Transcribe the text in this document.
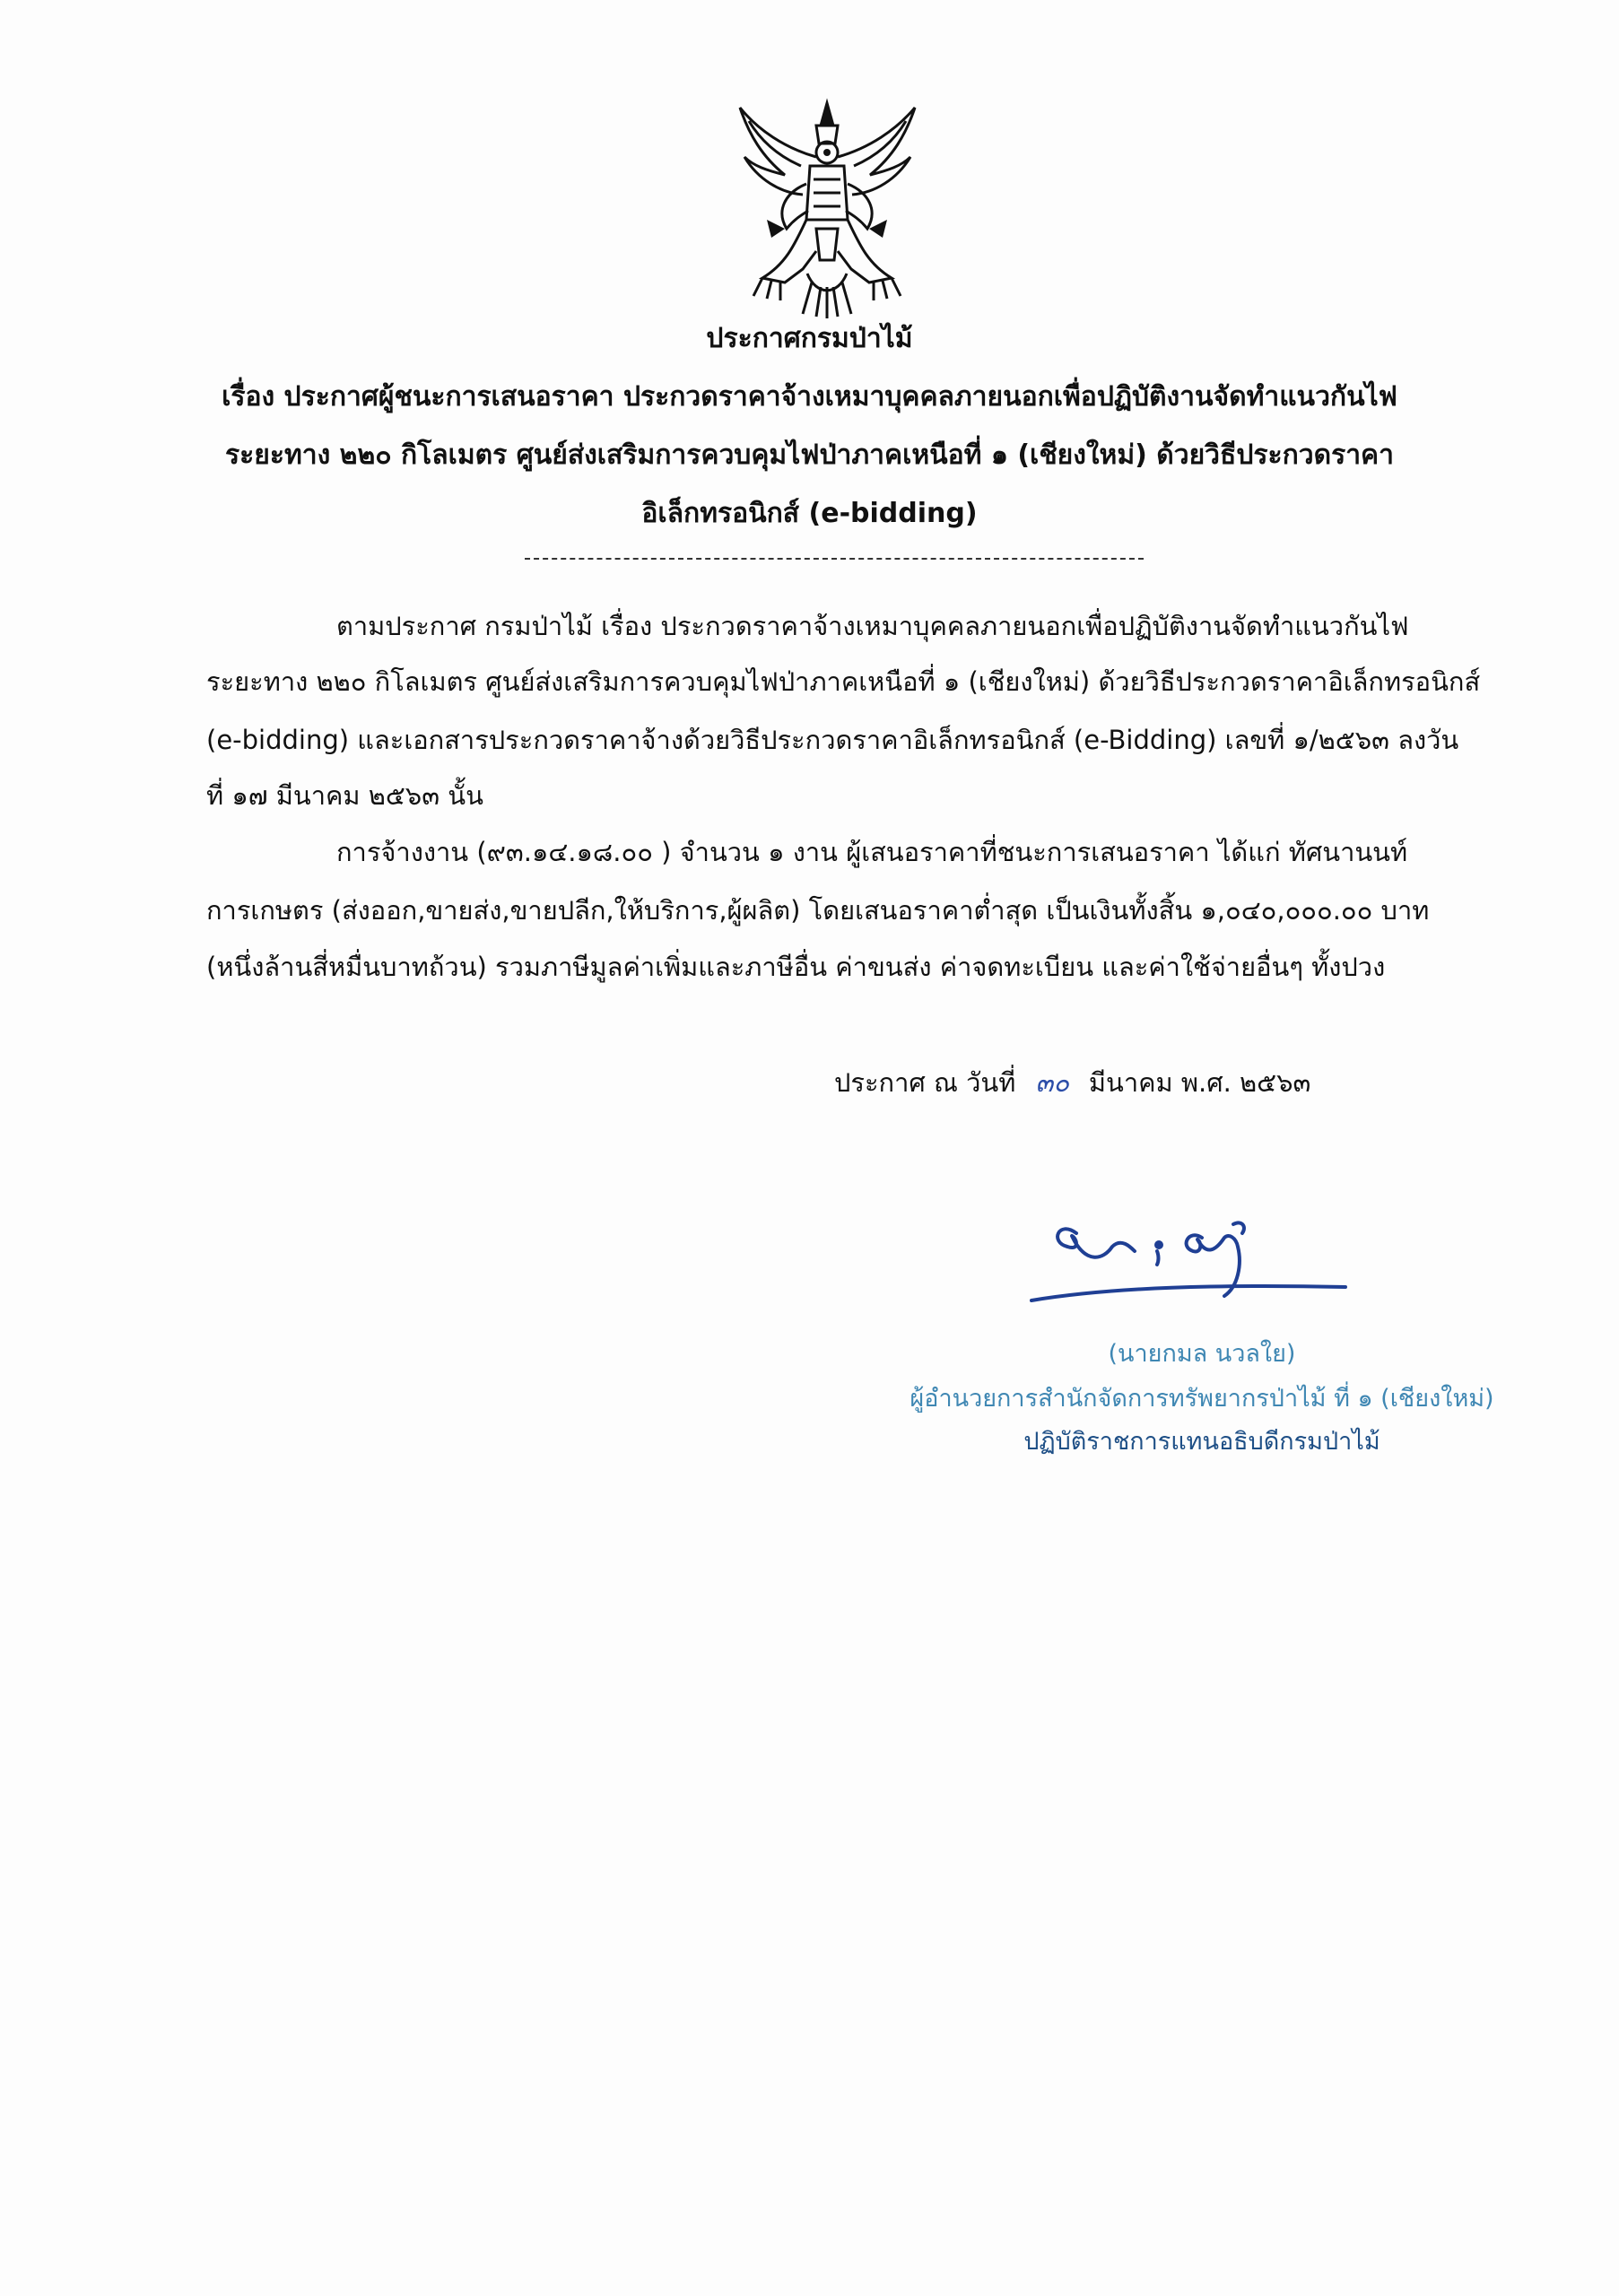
ประกาศกรมป่าไม้
เรื่อง ประกาศผู้ชนะการเสนอราคา ประกวดราคาจ้างเหมาบุคคลภายนอกเพื่อปฏิบัติงานจัดทำแนวกันไฟ
ระยะทาง ๒๒๐ กิโลเมตร ศูนย์ส่งเสริมการควบคุมไฟป่าภาคเหนือที่ ๑ (เชียงใหม่) ด้วยวิธีประกวดราคา
อิเล็กทรอนิกส์ (e-bidding)
ตามประกาศ กรมป่าไม้ เรื่อง ประกวดราคาจ้างเหมาบุคคลภายนอกเพื่อปฏิบัติงานจัดทำแนวกันไฟ
ระยะทาง ๒๒๐ กิโลเมตร ศูนย์ส่งเสริมการควบคุมไฟป่าภาคเหนือที่ ๑ (เชียงใหม่) ด้วยวิธีประกวดราคาอิเล็กทรอนิกส์
(e-bidding) และเอกสารประกวดราคาจ้างด้วยวิธีประกวดราคาอิเล็กทรอนิกส์ (e-Bidding) เลขที่ ๑/๒๕๖๓ ลงวัน
ที่ ๑๗ มีนาคม ๒๕๖๓ นั้น
การจ้างงาน (๙๓.๑๔.๑๘.๐๐ ) จำนวน ๑ งาน ผู้เสนอราคาที่ชนะการเสนอราคา ได้แก่ ทัศนานนท์
การเกษตร (ส่งออก,ขายส่ง,ขายปลีก,ให้บริการ,ผู้ผลิต) โดยเสนอราคาต่ำสุด เป็นเงินทั้งสิ้น ๑,๐๔๐,๐๐๐.๐๐ บาท
(หนึ่งล้านสี่หมื่นบาทถ้วน) รวมภาษีมูลค่าเพิ่มและภาษีอื่น ค่าขนส่ง ค่าจดทะเบียน และค่าใช้จ่ายอื่นๆ ทั้งปวง
ประกาศ ณ วันที่ ๓๐ มีนาคม พ.ศ. ๒๕๖๓
(นายกมล นวลใย)
ผู้อำนวยการสำนักจัดการทรัพยากรป่าไม้ ที่ ๑ (เชียงใหม่)
ปฏิบัติราชการแทนอธิบดีกรมป่าไม้
